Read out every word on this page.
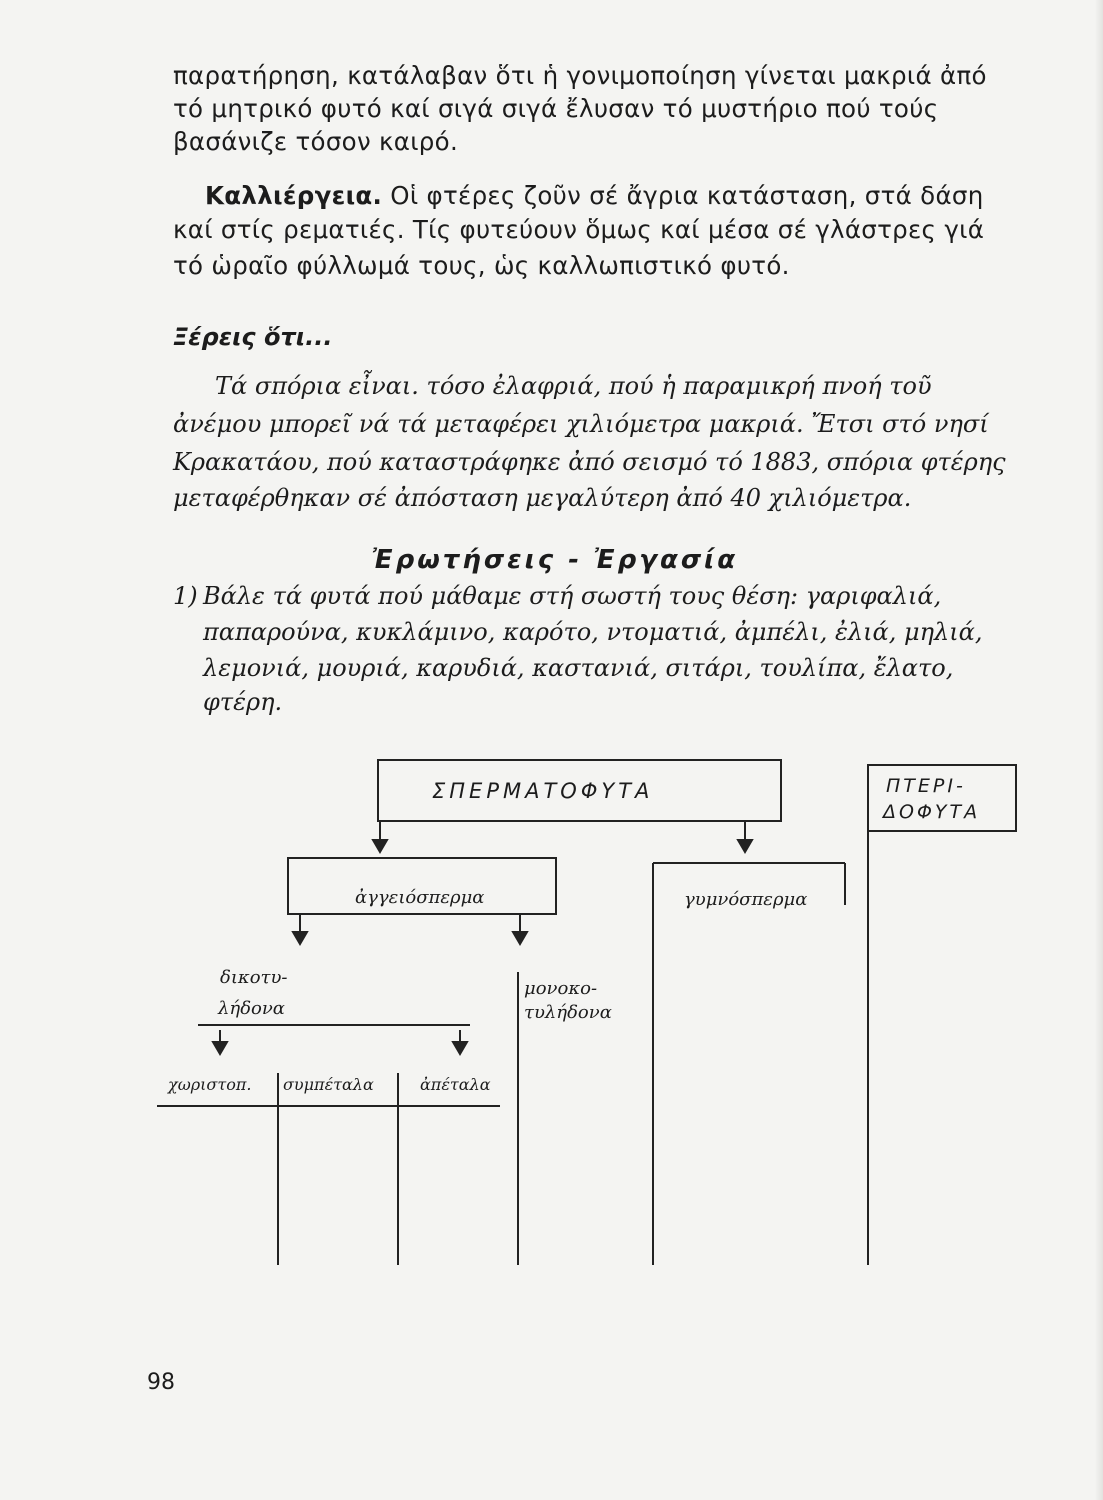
παρατήρηση, κατάλαβαν ὅτι ἡ γονιμοποίηση γίνεται μακριά ἀπό

τό μητρικό φυτό καί σιγά σιγά ἔλυσαν τό μυστήριο πού τούς

βασάνιζε τόσον καιρό.

Καλλιέργεια. Οἱ φτέρες ζοῦν σέ ἄγρια κατάσταση, στά δάση

καί στίς ρεματιές. Τίς φυτεύουν ὅμως καί μέσα σέ γλάστρες γιά

τό ὡραῖο φύλλωμά τους, ὡς καλλωπιστικό φυτό.

Ξέρεις ὅτι...

Τά σπόρια εἶναι. τόσο ἐλαφριά, πού ἡ παραμικρή πνοή τοῦ

ἀνέμου μπορεῖ νά τά μεταφέρει χιλιόμετρα μακριά. Ἔτσι στό νησί

Κρακατάου, πού καταστράφηκε ἀπό σεισμό τό 1883, σπόρια φτέρης

μεταφέρθηκαν σέ ἀπόσταση μεγαλύτερη ἀπό 40 χιλιόμετρα.

Ἐρωτήσεις - Ἐργασία

1) Βάλε τά φυτά πού μάθαμε στή σωστή τους θέση: γαριφαλιά,

παπαρούνα, κυκλάμινο, καρότο, ντοματιά, ἀμπέλι, ἐλιά, μηλιά,

λεμονιά, μουριά, καρυδιά, καστανιά, σιτάρι, τουλίπα, ἔλατο,

φτέρη.

ΣΠΕΡΜΑΤΟΦΥΤΑ	ΠΤΕΡΙ-
ΔΟΦΥΤΑ
ἀγγειόσπερμα	γυμνόσπερμα
δικοτυ-
λήδονα
μονοκο-
τυλήδονα
χωριστοπ. συμπέταλα	ἀπέταλα
98
